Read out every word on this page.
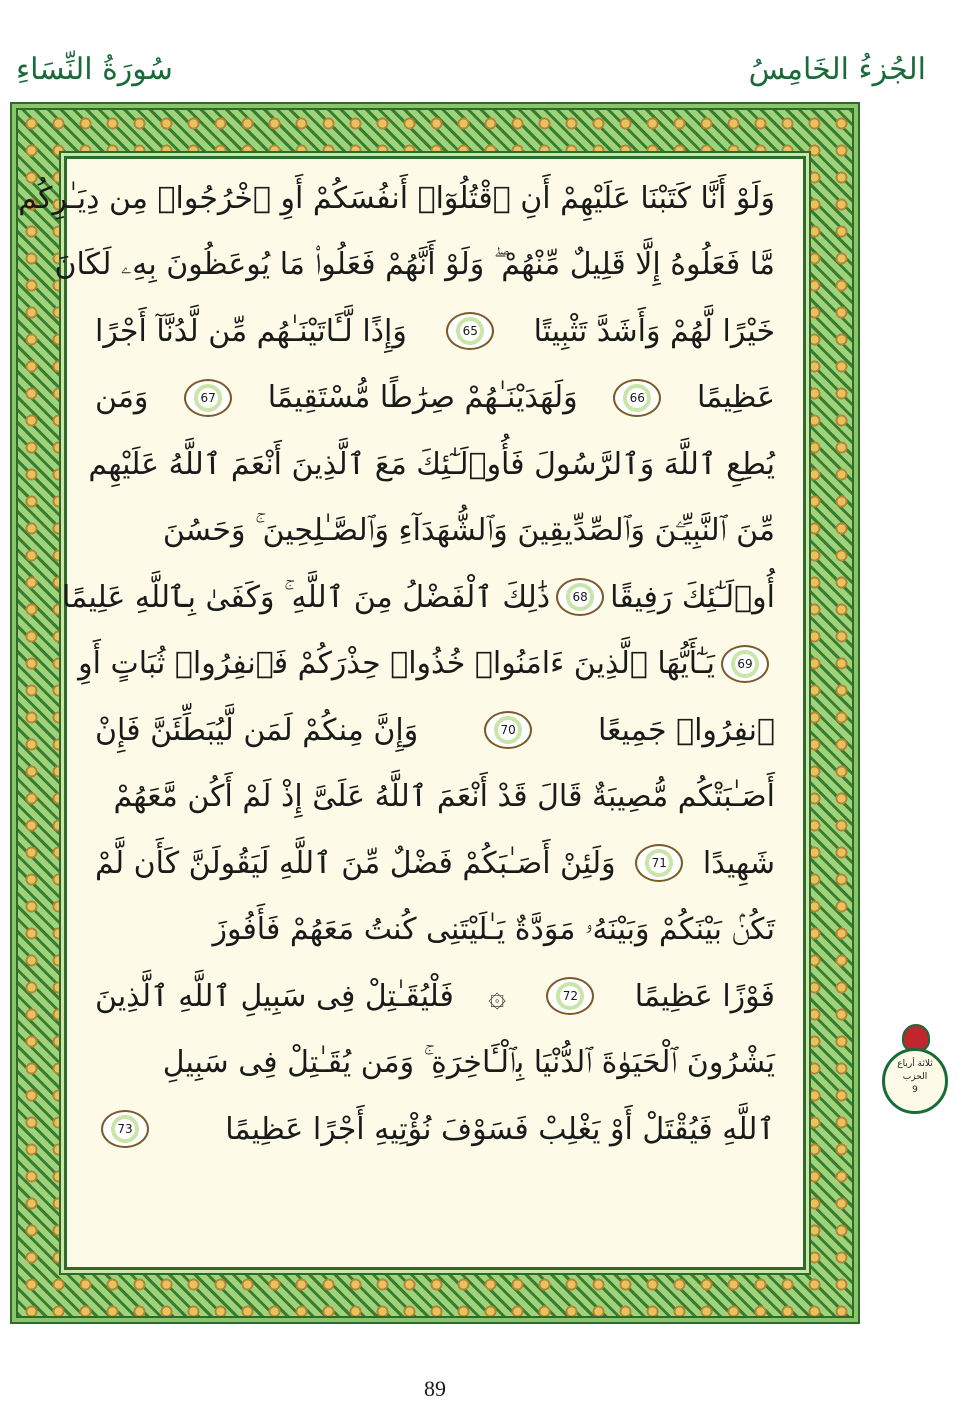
الجُزءُ الخَامِسُ
سُورَةُ النِّسَاءِ
وَلَوْ أَنَّا كَتَبْنَا عَلَيْهِمْ أَنِ ٱقْتُلُوٓا۟ أَنفُسَكُمْ أَوِ ٱخْرُجُوا۟ مِن دِيَـٰرِكُم
مَّا فَعَلُوهُ إِلَّا قَلِيلٌ مِّنْهُمْ ۖ وَلَوْ أَنَّهُمْ فَعَلُوا۟ مَا يُوعَظُونَ بِهِۦ لَكَانَ
خَيْرًا لَّهُمْ وَأَشَدَّ تَثْبِيتًا
65
وَإِذًا لَّـَٔاتَيْنَـٰهُم مِّن لَّدُنَّآ أَجْرًا
عَظِيمًا
66
وَلَهَدَيْنَـٰهُمْ صِرَٰطًا مُّسْتَقِيمًا
67
وَمَن
يُطِعِ ٱللَّهَ وَٱلرَّسُولَ فَأُو۟لَـٰٓئِكَ مَعَ ٱلَّذِينَ أَنْعَمَ ٱللَّهُ عَلَيْهِم
مِّنَ ٱلنَّبِيِّـۧنَ وَٱلصِّدِّيقِينَ وَٱلشُّهَدَآءِ وَٱلصَّـٰلِحِينَ ۚ وَحَسُنَ
أُو۟لَـٰٓئِكَ رَفِيقًا
68
ذَٰلِكَ ٱلْفَضْلُ مِنَ ٱللَّهِ ۚ وَكَفَىٰ بِٱللَّهِ عَلِيمًا
69
يَـٰٓأَيُّهَا ٱلَّذِينَ ءَامَنُوا۟ خُذُوا۟ حِذْرَكُمْ فَٱنفِرُوا۟ ثُبَاتٍ أَوِ
ٱنفِرُوا۟ جَمِيعًا
70
وَإِنَّ مِنكُمْ لَمَن لَّيُبَطِّئَنَّ فَإِنْ
أَصَـٰبَتْكُم مُّصِيبَةٌ قَالَ قَدْ أَنْعَمَ ٱللَّهُ عَلَىَّ إِذْ لَمْ أَكُن مَّعَهُمْ
شَهِيدًا
71
وَلَئِنْ أَصَـٰبَكُمْ فَضْلٌ مِّنَ ٱللَّهِ لَيَقُولَنَّ كَأَن لَّمْ
تَكُنۢ بَيْنَكُمْ وَبَيْنَهُۥ مَوَدَّةٌ يَـٰلَيْتَنِى كُنتُ مَعَهُمْ فَأَفُوزَ
فَوْزًا عَظِيمًا
72
۞
فَلْيُقَـٰتِلْ فِى سَبِيلِ ٱللَّهِ ٱلَّذِينَ
يَشْرُونَ ٱلْحَيَوٰةَ ٱلدُّنْيَا بِٱلْـَٔاخِرَةِ ۚ وَمَن يُقَـٰتِلْ فِى سَبِيلِ
ٱللَّهِ فَيُقْتَلْ أَوْ يَغْلِبْ فَسَوْفَ نُؤْتِيهِ أَجْرًا عَظِيمًا
73
ثلاثة أرباع
الحزب
9
89
